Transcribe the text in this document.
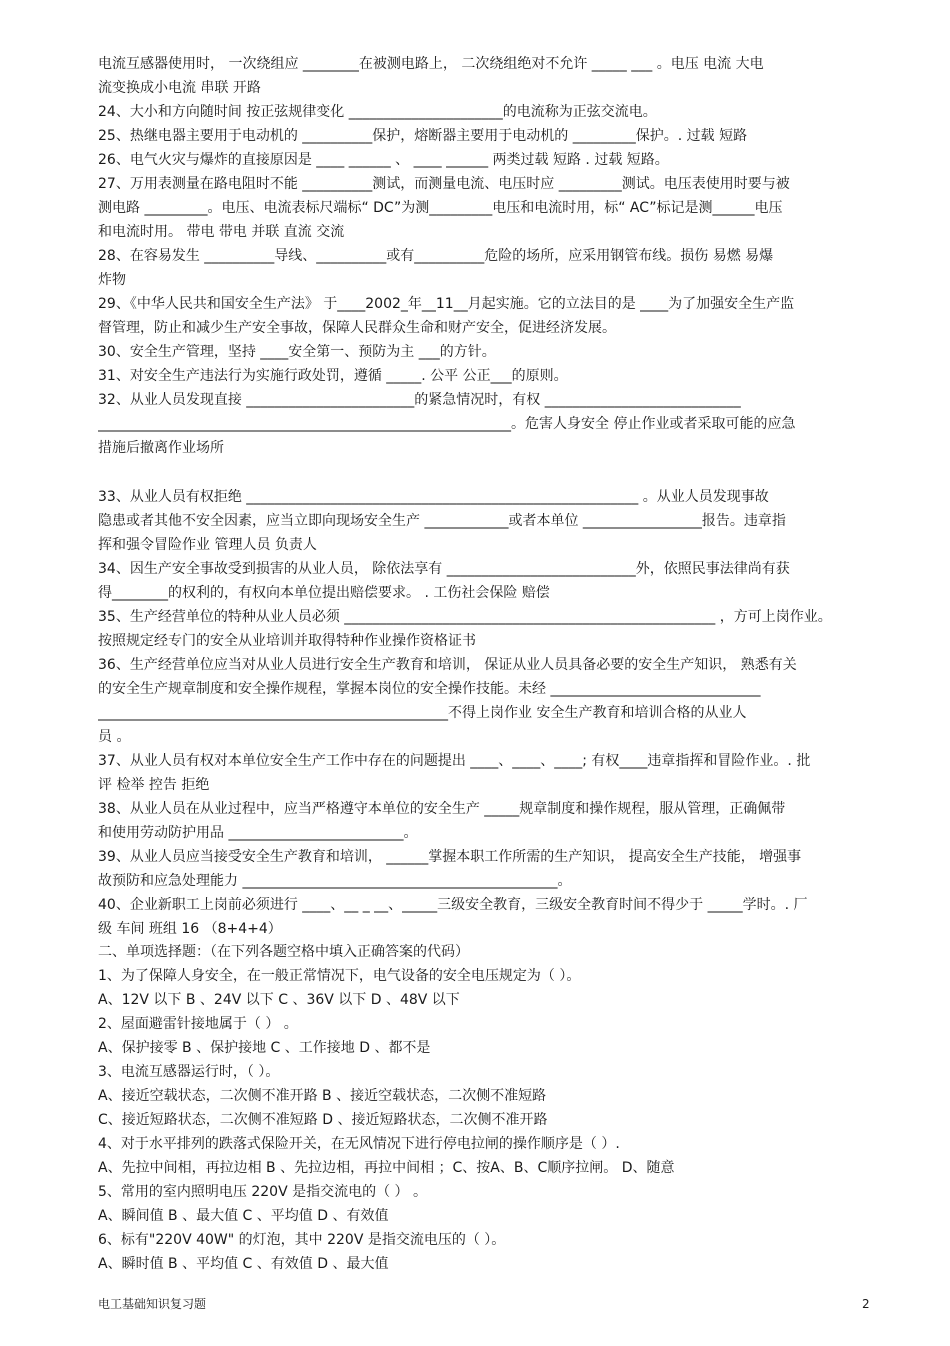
电流互感器使用时， 一次绕组应 ________在被测电路上， 二次绕组绝对不允许 _____ ___ 。电压 电流 大电
流变换成小电流 串联 开路
24、大小和方向随时间 按正弦规律变化 ______________________的电流称为正弦交流电。
25、热继电器主要用于电动机的 __________保护，熔断器主要用于电动机的 _________保护。. 过载 短路
26、电气火灾与爆炸的直接原因是 ____ ______ 、 ____ ______ 两类过载 短路 . 过载 短路。
27、万用表测量在路电阻时不能 __________测试，而测量电流、电压时应 _________测试。电压表使用时要与被
测电路 _________。电压、电流表标尺端标“ DC”为测_________电压和电流时用，标“ AC”标记是测______电压
和电流时用。 带电 带电 并联 直流 交流
28、在容易发生 __________导线、__________或有__________危险的场所，应采用钢管布线。损伤 易燃 易爆
炸物
29、《中华人民共和国安全生产法》 于____2002_年__11__月起实施。它的立法目的是 ____为了加强安全生产监
督管理，防止和减少生产安全事故，保障人民群众生命和财产安全，促进经济发展。
30、安全生产管理，坚持 ____安全第一、预防为主 ___的方针。
31、对安全生产违法行为实施行政处罚，遵循 _____. 公平 公正___的原则。
32、从业人员发现直接 ________________________的紧急情况时，有权 ____________________________
___________________________________________________________。危害人身安全 停止作业或者采取可能的应急
措施后撤离作业场所
33、从业人员有权拒绝 ________________________________________________________ 。从业人员发现事故
隐患或者其他不安全因素，应当立即向现场安全生产 ____________或者本单位 _________________报告。违章指
挥和强令冒险作业 管理人员 负责人
34、因生产安全事故受到损害的从业人员， 除依法享有 ___________________________外，依照民事法律尚有获
得________的权利的，有权向本单位提出赔偿要求。 . 工伤社会保险 赔偿
35、生产经营单位的特种从业人员必须 _____________________________________________________ ，方可上岗作业。
按照规定经专门的安全从业培训并取得特种作业操作资格证书
36、生产经营单位应当对从业人员进行安全生产教育和培训， 保证从业人员具备必要的安全生产知识， 熟悉有关
的安全生产规章制度和安全操作规程，掌握本岗位的安全操作技能。未经 ______________________________
__________________________________________________不得上岗作业 安全生产教育和培训合格的从业人
员 。
37、从业人员有权对本单位安全生产工作中存在的问题提出 ____、____、____; 有权____违章指挥和冒险作业。. 批
评 检举 控告 拒绝
38、从业人员在从业过程中，应当严格遵守本单位的安全生产 _____规章制度和操作规程，服从管理，正确佩带
和使用劳动防护用品 _________________________。
39、从业人员应当接受安全生产教育和培训， ______掌握本职工作所需的生产知识， 提高安全生产技能， 增强事
故预防和应急处理能力 _____________________________________________。
40、企业新职工上岗前必须进行 ____、__ _ __、_____三级安全教育，三级安全教育时间不得少于 _____学时。. 厂
级 车间 班组 16 （8+4+4）
二、单项选择题：（在下列各题空格中填入正确答案的代码）
1、为了保障人身安全，在一般正常情况下，电气设备的安全电压规定为（ ）。
A、12V 以下 B 、24V 以下 C 、36V 以下 D 、48V 以下
2、屋面避雷针接地属于（ ） 。
A、保护接零 B 、保护接地 C 、工作接地 D 、都不是
3、电流互感器运行时，（ ）。
A、接近空载状态，二次侧不准开路 B 、接近空载状态，二次侧不准短路
C、接近短路状态，二次侧不准短路 D 、接近短路状态，二次侧不准开路
4、对于水平排列的跌落式保险开关，在无风情况下进行停电拉闸的操作顺序是（ ）.
A、先拉中间相，再拉边相 B 、先拉边相，再拉中间相 ；C、按A、B、C顺序拉闸。 D、随意
5、常用的室内照明电压 220V 是指交流电的（ ） 。
A、瞬间值 B 、最大值 C 、平均值 D 、有效值
6、标有"220V 40W" 的灯泡，其中 220V 是指交流电压的（ ）。
A、瞬时值 B 、平均值 C 、有效值 D 、最大值
电工基础知识复习题	2
